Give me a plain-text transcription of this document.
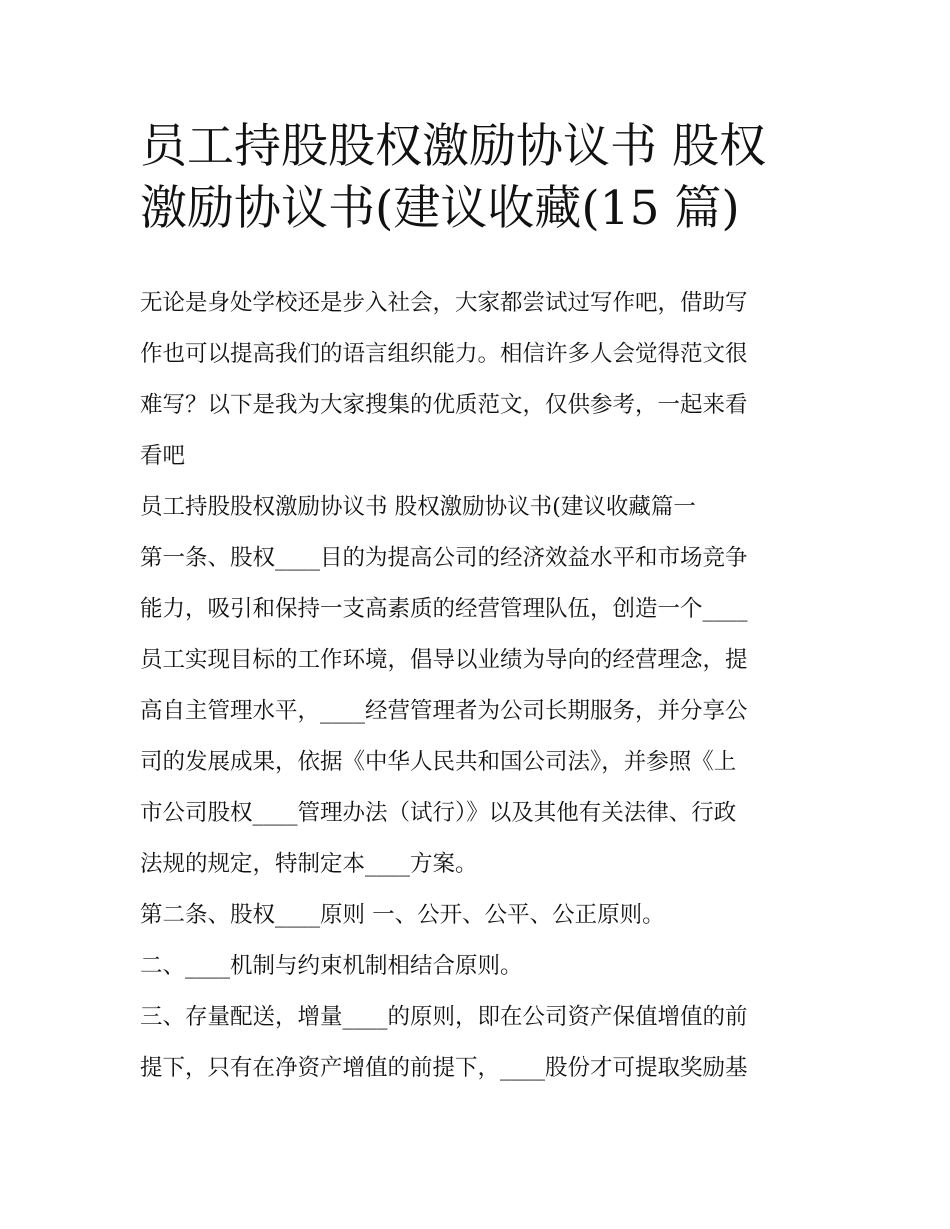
员工持股股权激励协议书 股权
激励协议书(建议收藏(15 篇)
无论是身处学校还是步入社会，大家都尝试过写作吧，借助写
作也可以提高我们的语言组织能力。相信许多人会觉得范文很
难写？以下是我为大家搜集的优质范文，仅供参考，一起来看
看吧
员工持股股权激励协议书 股权激励协议书(建议收藏篇一
第一条、股权____目的为提高公司的经济效益水平和市场竞争
能力，吸引和保持一支高素质的经营管理队伍，创造一个____
员工实现目标的工作环境，倡导以业绩为导向的经营理念，提
高自主管理水平，____经营管理者为公司长期服务，并分享公
司的发展成果，依据《中华人民共和国公司法》，并参照《上
市公司股权____管理办法（试行）》以及其他有关法律、行政
法规的规定，特制定本____方案。
第二条、股权____原则 一、公开、公平、公正原则。
二、____机制与约束机制相结合原则。
三、存量配送，增量____的原则，即在公司资产保值增值的前
提下，只有在净资产增值的前提下，____股份才可提取奖励基
